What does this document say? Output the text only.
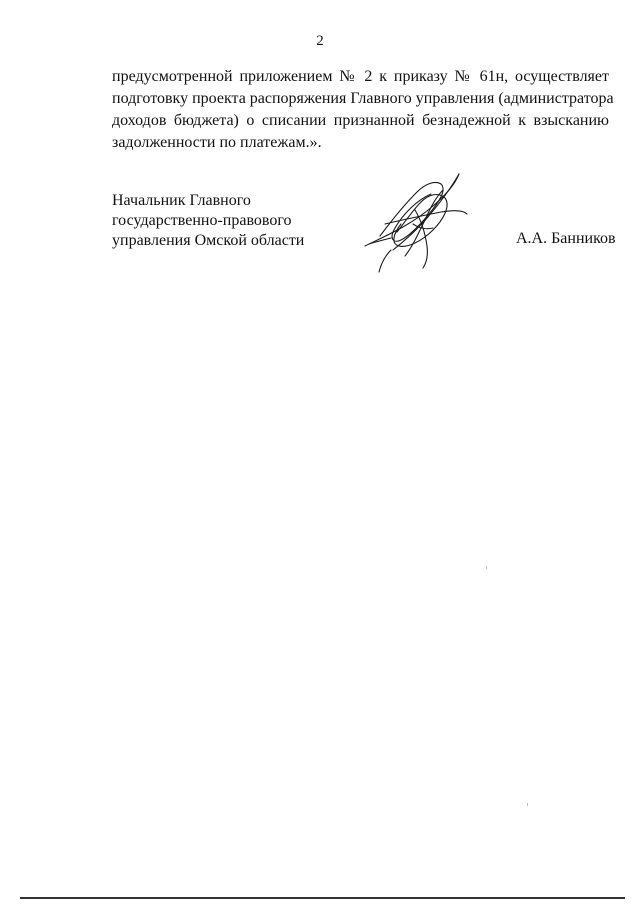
2
предусмотренной приложением № 2 к приказу № 61н, осуществляет
подготовку проекта распоряжения Главного управления (администратора
доходов бюджета) о списании признанной безнадежной к взысканию
задолженности по платежам.».
Начальник Главного
государственно-правового
управления Омской области	А.А. Банников
